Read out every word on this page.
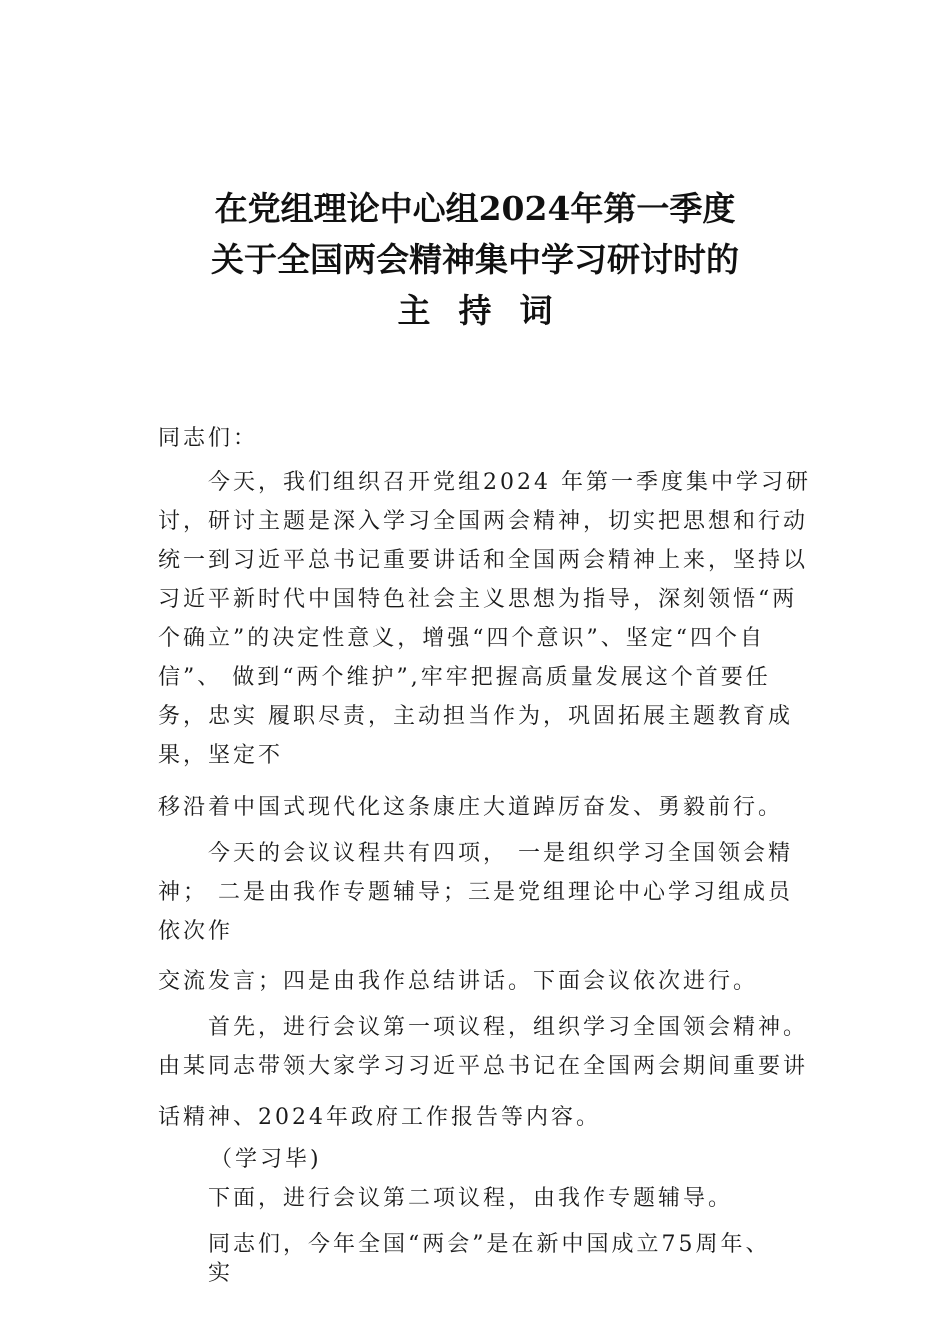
在党组理论中心组2024年第一季度
关于全国两会精神集中学习研讨时的
主持词
同志们：
今天，我们组织召开党组2024 年第一季度集中学习研
讨，研讨主题是深入学习全国两会精神，切实把思想和行动
统一到习近平总书记重要讲话和全国两会精神上来，坚持以
习近平新时代中国特色社会主义思想为指导，深刻领悟“两
个确立”的决定性意义，增强“四个意识”、坚定“四个自
信”、 做到“两个维护”,牢牢把握高质量发展这个首要任
务，忠实 履职尽责，主动担当作为，巩固拓展主题教育成
果，坚定不
移沿着中国式现代化这条康庄大道踔厉奋发、勇毅前行。
今天的会议议程共有四项， 一是组织学习全国领会精
神； 二是由我作专题辅导；三是党组理论中心学习组成员
依次作
交流发言；四是由我作总结讲话。下面会议依次进行。
首先，进行会议第一项议程，组织学习全国领会精神。
由某同志带领大家学习习近平总书记在全国两会期间重要讲
话精神、2024年政府工作报告等内容。
（学习毕)
下面，进行会议第二项议程，由我作专题辅导。
同志们，今年全国“两会”是在新中国成立75周年、
实
